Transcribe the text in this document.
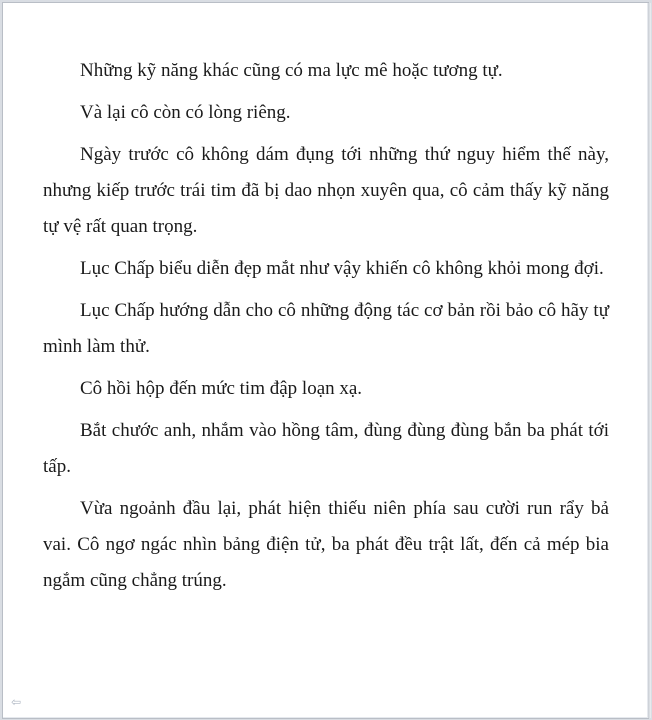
Những kỹ năng khác cũng có ma lực mê hoặc tương tự.

Và lại cô còn có lòng riêng.

Ngày trước cô không dám đụng tới những thứ nguy hiểm thế này, nhưng kiếp trước trái tim đã bị dao nhọn xuyên qua, cô cảm thấy kỹ năng tự vệ rất quan trọng.

Lục Chấp biểu diễn đẹp mắt như vậy khiến cô không khỏi mong đợi.

Lục Chấp hướng dẫn cho cô những động tác cơ bản rồi bảo cô hãy tự mình làm thử.

Cô hồi hộp đến mức tim đập loạn xạ.

Bắt chước anh, nhắm vào hồng tâm, đùng đùng đùng bắn ba phát tới tấp.

Vừa ngoảnh đầu lại, phát hiện thiếu niên phía sau cười run rẩy bả vai. Cô ngơ ngác nhìn bảng điện tử, ba phát đều trật lất, đến cả mép bia ngắm cũng chẳng trúng.

⇦
